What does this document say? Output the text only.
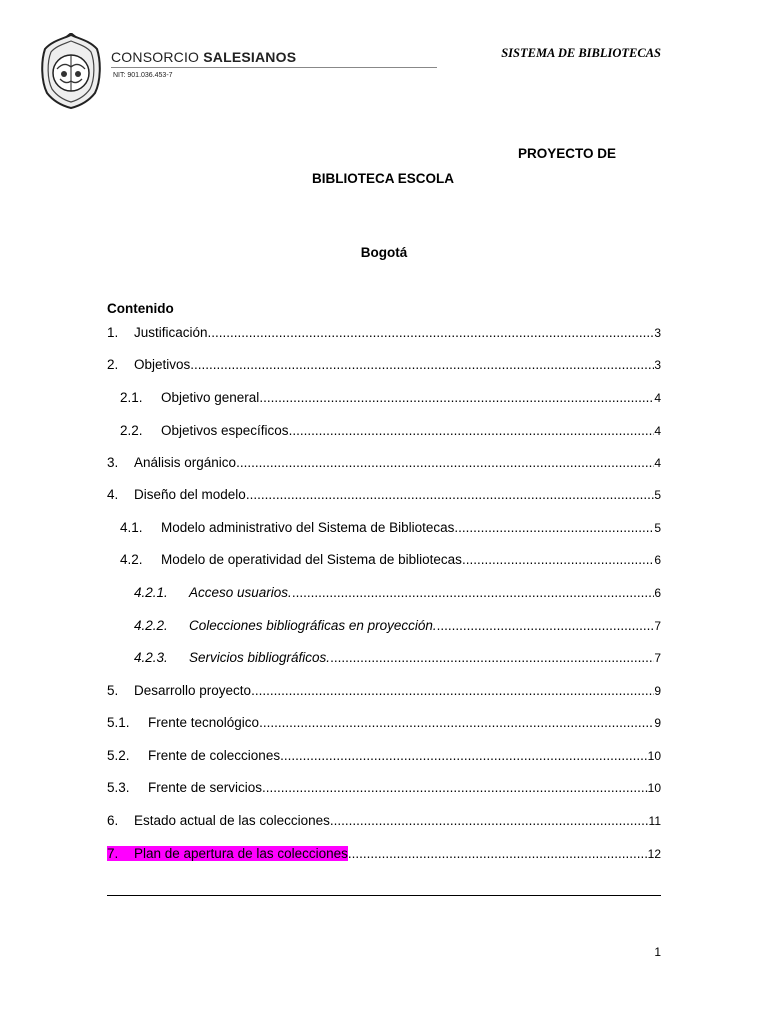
CONSORCIO SALESIANOS
NIT: 901.036.453-7
SISTEMA DE BIBLIOTECAS
PROYECTO DE
BIBLIOTECA ESCOLA
Bogotá
Contenido
1.	Justificación .....	3
2.	Objetivos .....	3
2.1.	Objetivo general .....	4
2.2.	Objetivos específicos .....	4
3.	Análisis orgánico .....	4
4.	Diseño del modelo .....	5
4.1.	Modelo administrativo del Sistema de Bibliotecas .....	5
4.2.	Modelo de operatividad del Sistema de bibliotecas .....	6
4.2.1.	Acceso usuarios. .....	6
4.2.2.	Colecciones bibliográficas en proyección. .....	7
4.2.3.	Servicios bibliográficos. .....	7
5.	Desarrollo proyecto .....	9
5.1.	Frente tecnológico .....	9
5.2.	Frente de colecciones .....	10
5.3.	Frente de servicios .....	10
6.	Estado actual de las colecciones .....	11
7.	Plan de apertura de las colecciones .....	12
1
